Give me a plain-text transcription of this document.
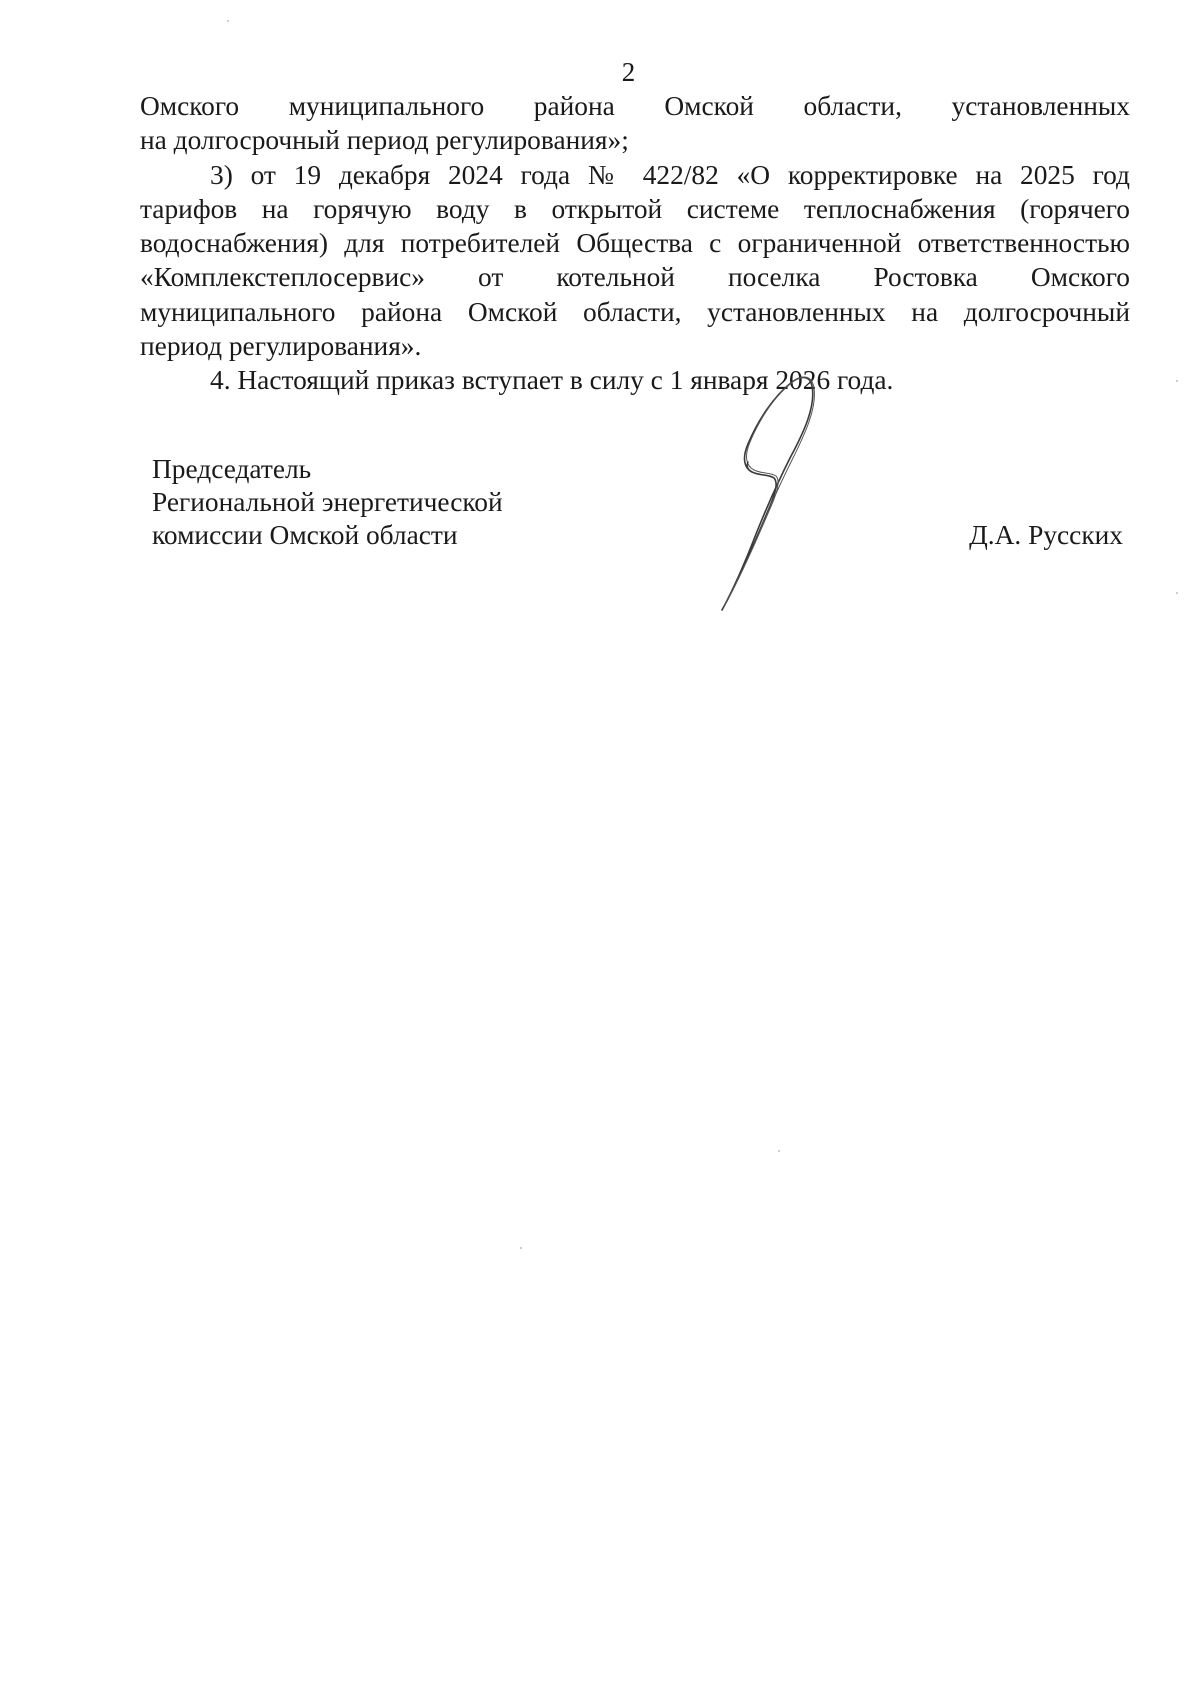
2
Омского муниципального района Омской области, установленных
на долгосрочный период регулирования»;
3) от 19 декабря 2024 года № 422/82 «О корректировке на 2025 год
тарифов на горячую воду в открытой системе теплоснабжения (горячего
водоснабжения) для потребителей Общества с ограниченной ответственностью
«Комплекстеплосервис» от котельной поселка Ростовка Омского
муниципального района Омской области, установленных на долгосрочный
период регулирования».
4. Настоящий приказ вступает в силу с 1 января 2026 года.
Председатель
Региональной энергетической
комиссии Омской области	Д.А. Русских
